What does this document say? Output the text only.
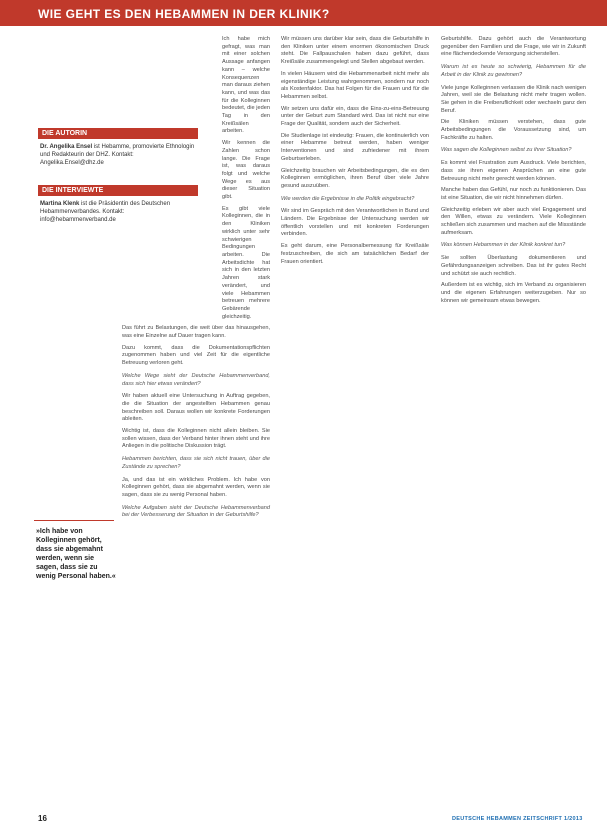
WIE GEHT ES DEN HEBAMMEN IN DER KLINIK?
DIE AUTORIN
Dr. Angelika Ensel ist Hebamme, promovierte Ethnologin und Redakteurin der DHZ. Kontakt: Angelika.Ensel@dhz.de
DIE INTERVIEWTE
Martina Klenk ist die Präsidentin des Deutschen Hebammenverbandes. Kontakt: info@hebammenverband.de
»Ich habe von Kolleginnen gehört, dass sie abgemahnt werden, wenn sie sagen, dass sie zu wenig Personal haben.«

Ich habe mich gefragt, was man mit einer solchen Aussage anfangen kann – welche Konsequenzen man daraus ziehen kann, und was das für die Kolleginnen bedeutet, die jeden Tag in den Kreißsälen arbeiten.

Wir kennen die Zahlen schon lange. Die Frage ist, was daraus folgt und welche Wege es aus dieser Situation gibt.

Es gibt viele Kolleginnen, die in den Kliniken wirklich unter sehr schwierigen Bedingungen arbeiten. Die Arbeitsdichte hat sich in den letzten Jahren stark verändert, und viele Hebammen betreuen mehrere Gebärende gleichzeitig.

Das führt zu Belastungen, die weit über das hinausgehen, was eine Einzelne auf Dauer tragen kann.

Dazu kommt, dass die Dokumentationspflichten zugenommen haben und viel Zeit für die eigentliche Betreuung verloren geht.

Welche Wege sieht der Deutsche Hebammenverband, dass sich hier etwas verändert?

Wir haben aktuell eine Untersuchung in Auftrag gegeben, die die Situation der angestellten Hebammen genau beschreiben soll. Daraus wollen wir konkrete Forderungen ableiten.

Wichtig ist, dass die Kolleginnen nicht allein bleiben. Sie sollen wissen, dass der Verband hinter ihnen steht und ihre Anliegen in die politische Diskussion trägt.

Hebammen berichten, dass sie sich nicht trauen, über die Zustände zu sprechen?

Ja, und das ist ein wirkliches Problem. Ich habe von Kolleginnen gehört, dass sie abgemahnt werden, wenn sie sagen, dass sie zu wenig Personal haben.

Welche Aufgaben sieht der Deutsche Hebammenverband bei der Verbesserung der Situation in der Geburtshilfe?

Wir müssen uns darüber klar sein, dass die Geburtshilfe in den Kliniken unter einem enormen ökonomischen Druck steht. Die Fallpauschalen haben dazu geführt, dass Kreißsäle zusammengelegt und Stellen abgebaut werden.

In vielen Häusern wird die Hebammenarbeit nicht mehr als eigenständige Leistung wahrgenommen, sondern nur noch als Kostenfaktor. Das hat Folgen für die Frauen und für die Hebammen selbst.

Wir setzen uns dafür ein, dass die Eins-zu-eins-Betreuung unter der Geburt zum Standard wird. Das ist nicht nur eine Frage der Qualität, sondern auch der Sicherheit.

Die Studienlage ist eindeutig: Frauen, die kontinuierlich von einer Hebamme betreut werden, haben weniger Interventionen und sind zufriedener mit ihrem Geburtserleben.

Gleichzeitig brauchen wir Arbeitsbedingungen, die es den Kolleginnen ermöglichen, ihren Beruf über viele Jahre gesund auszuüben.

Wie werden die Ergebnisse in die Politik eingebracht?

Wir sind im Gespräch mit den Verantwortlichen in Bund und Ländern. Die Ergebnisse der Untersuchung werden wir öffentlich vorstellen und mit konkreten Forderungen verbinden.

Es geht darum, eine Personalbemessung für Kreißsäle festzuschreiben, die sich am tatsächlichen Bedarf der Frauen orientiert.

Geburtshilfe. Dazu gehört auch die Verantwortung gegenüber den Familien und die Frage, wie wir in Zukunft eine flächendeckende Versorgung sicherstellen.

Warum ist es heute so schwierig, Hebammen für die Arbeit in der Klinik zu gewinnen?

Viele junge Kolleginnen verlassen die Klinik nach wenigen Jahren, weil sie die Belastung nicht mehr tragen wollen. Sie gehen in die Freiberuflichkeit oder wechseln ganz den Beruf.

Die Kliniken müssen verstehen, dass gute Arbeitsbedingungen die Voraussetzung sind, um Fachkräfte zu halten.

Was sagen die Kolleginnen selbst zu ihrer Situation?

Es kommt viel Frustration zum Ausdruck. Viele berichten, dass sie ihren eigenen Ansprüchen an eine gute Betreuung nicht mehr gerecht werden können.

Manche haben das Gefühl, nur noch zu funktionieren. Das ist eine Situation, die wir nicht hinnehmen dürfen.

Gleichzeitig erleben wir aber auch viel Engagement und den Willen, etwas zu verändern. Viele Kolleginnen schließen sich zusammen und machen auf die Missstände aufmerksam.

Was können Hebammen in der Klinik konkret tun?

Sie sollten Überlastung dokumentieren und Gefährdungsanzeigen schreiben. Das ist ihr gutes Recht und schützt sie auch rechtlich.

Außerdem ist es wichtig, sich im Verband zu organisieren und die eigenen Erfahrungen weiterzugeben. Nur so können wir gemeinsam etwas bewegen.

16	DEUTSCHE HEBAMMEN ZEITSCHRIFT 1/2013
